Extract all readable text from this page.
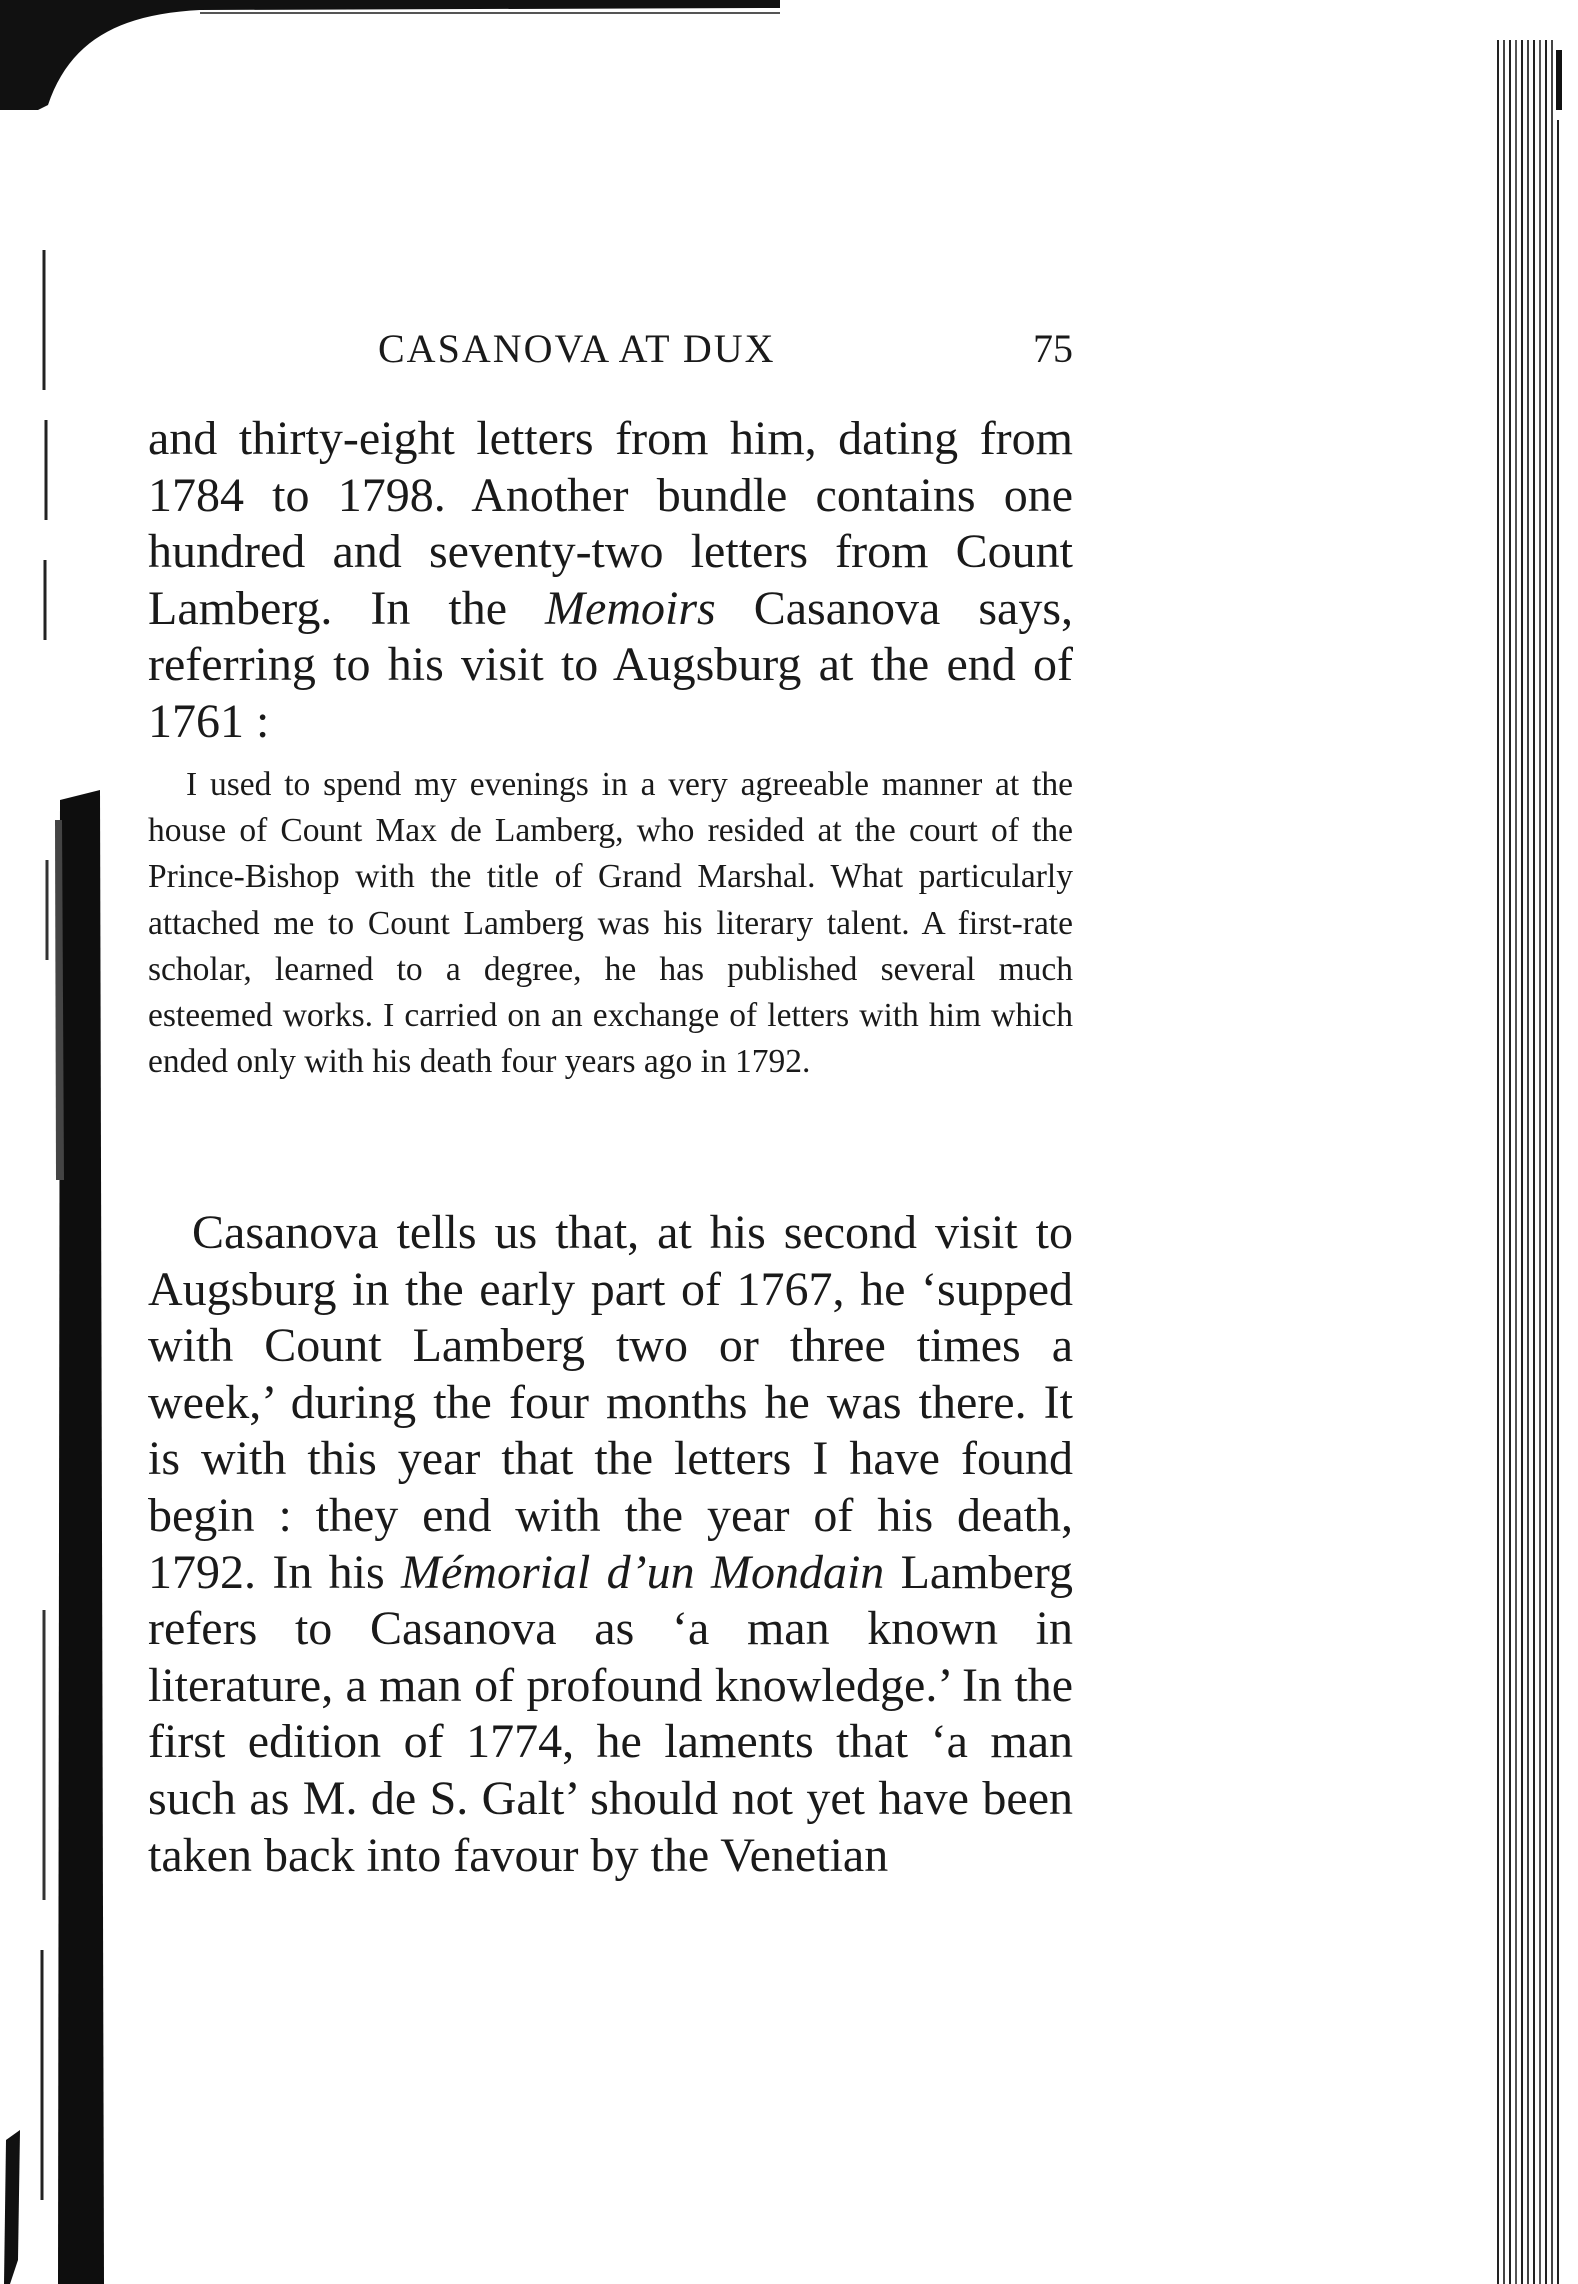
CASANOVA AT DUX	75

and thirty-eight letters from him, dating from 1784 to 1798. Another bundle contains one hundred and seventy-two letters from Count Lamberg. In the Memoirs Casanova says, referring to his visit to Augsburg at the end of 1761 :

I used to spend my evenings in a very agreeable manner at the house of Count Max de Lamberg, who resided at the court of the Prince-Bishop with the title of Grand Marshal. What particularly attached me to Count Lamberg was his literary talent. A first-rate scholar, learned to a degree, he has published several much esteemed works. I carried on an exchange of letters with him which ended only with his death four years ago in 1792.

Casanova tells us that, at his second visit to Augsburg in the early part of 1767, he ‘supped with Count Lamberg two or three times a week,’ during the four months he was there. It is with this year that the letters I have found begin : they end with the year of his death, 1792. In his Mémorial d’un Mondain Lamberg refers to Casanova as ‘a man known in literature, a man of profound knowledge.’ In the first edition of 1774, he laments that ‘a man such as M. de S. Galt’ should not yet have been taken back into favour by the Venetian
